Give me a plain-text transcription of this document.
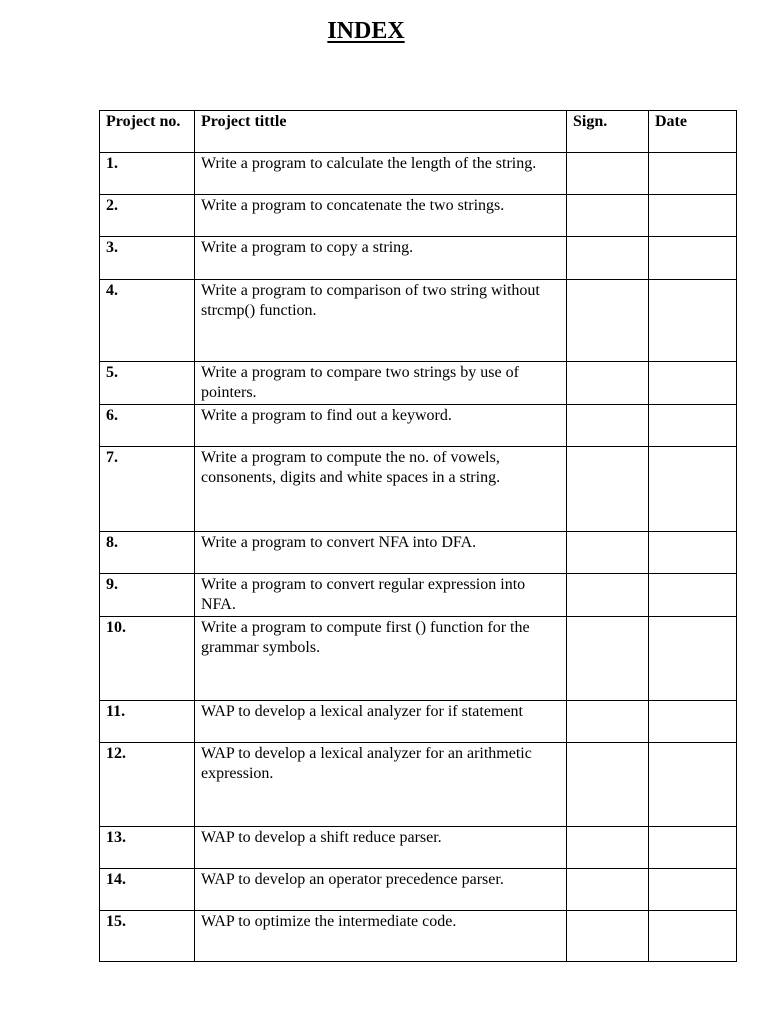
INDEX
Project no.	Project tittle	Sign.	Date
1.	Write a program to calculate the length of the string.		
2.	Write a program to concatenate the two strings.		
3.	Write a program to copy a string.		
4.	Write a program to comparison of two string without strcmp() function.		
5.	Write a program to compare two strings by use of pointers.		
6.	Write a program to find out a keyword.		
7.	Write a program to compute the no. of vowels, consonents, digits and white spaces in a string.		
8.	Write a program to convert NFA into DFA.		
9.	Write a program to convert regular expression into NFA.		
10.	Write a program to compute first () function for the grammar symbols.		
11.	WAP to develop a lexical analyzer for if statement		
12.	WAP to develop a lexical analyzer for an arithmetic expression.		
13.	WAP to develop a shift reduce parser.		
14.	WAP to develop an operator precedence parser.		
15.	WAP to optimize the intermediate code.		
